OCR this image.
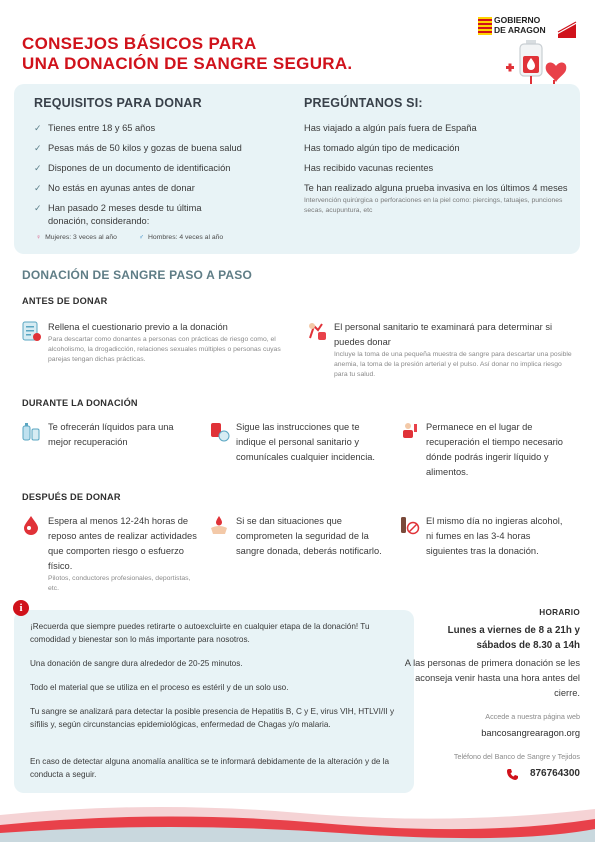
CONSEJOS BÁSICOS PARA
UNA DONACIÓN DE SANGRE SEGURA.
GOBIERNO
DE ARAGON
REQUISITOS PARA DONAR	PREGÚNTANOS SI:
✓ Tienes entre 18 y 65 años
✓ Pesas más de 50 kilos y gozas de buena salud
✓ Dispones de un documento de identificación
✓ No estás en ayunas antes de donar
✓ Han pasado 2 meses desde tu última donación, considerando:
♀ Mujeres: 3 veces al año	♂ Hombres: 4 veces al año
Has viajado a algún país fuera de España
Has tomado algún tipo de medicación
Has recibido vacunas recientes
Te han realizado alguna prueba invasiva en los últimos 4 meses
Intervención quirúrgica o perforaciones en la piel como: piercings, tatuajes, punciones secas, acupuntura, etc
DONACIÓN DE SANGRE PASO A PASO
ANTES DE DONAR
Rellena el cuestionario previo a la donación
Para descartar como donantes a personas con prácticas de riesgo como, el alcoholismo, la drogadicción, relaciones sexuales múltiples o personas cuyas parejas tengan dichas prácticas.
El personal sanitario te examinará para determinar si puedes donar
Incluye la toma de una pequeña muestra de sangre para descartar una posible anemia, la toma de la presión arterial y el pulso. Así donar no implica riesgo para tu salud.
DURANTE LA DONACIÓN
Te ofrecerán líquidos para una mejor recuperación
Sigue las instrucciones que te indique el personal sanitario y comunícales cualquier incidencia.
Permanece en el lugar de recuperación el tiempo necesario dónde podrás ingerir líquido y alimentos.
DESPUÉS DE DONAR
Espera al menos 12-24h horas de reposo antes de realizar actividades que comporten riesgo o esfuerzo físico.
Pilotos, conductores profesionales, deportistas, etc.
Si se dan situaciones que comprometen la seguridad de la sangre donada, deberás notificarlo.
El mismo día no ingieras alcohol, ni fumes en las 3-4 horas siguientes tras la donación.
i
¡Recuerda que siempre puedes retirarte o autoexcluirte en cualquier etapa de la donación! Tu comodidad y bienestar son lo más importante para nosotros.
Una donación de sangre dura alrededor de 20-25 minutos.
Todo el material que se utiliza en el proceso es estéril y de un solo uso.
Tu sangre se analizará para detectar la posible presencia de Hepatitis B, C y E, virus VIH, HTLVI/II y sífilis y, según circunstancias epidemiológicas, enfermedad de Chagas y/o malaria.
En caso de detectar alguna anomalía analítica se te informará debidamente de la alteración y de la conducta a seguir.
HORARIO
Lunes a viernes de 8 a 21h y
sábados de 8.30 a 14h
A las personas de primera donación se les aconseja venir hasta una hora antes del cierre.
Accede a nuestra página web
bancosangrearagon.org
Teléfono del Banco de Sangre y Tejidos
876764300
